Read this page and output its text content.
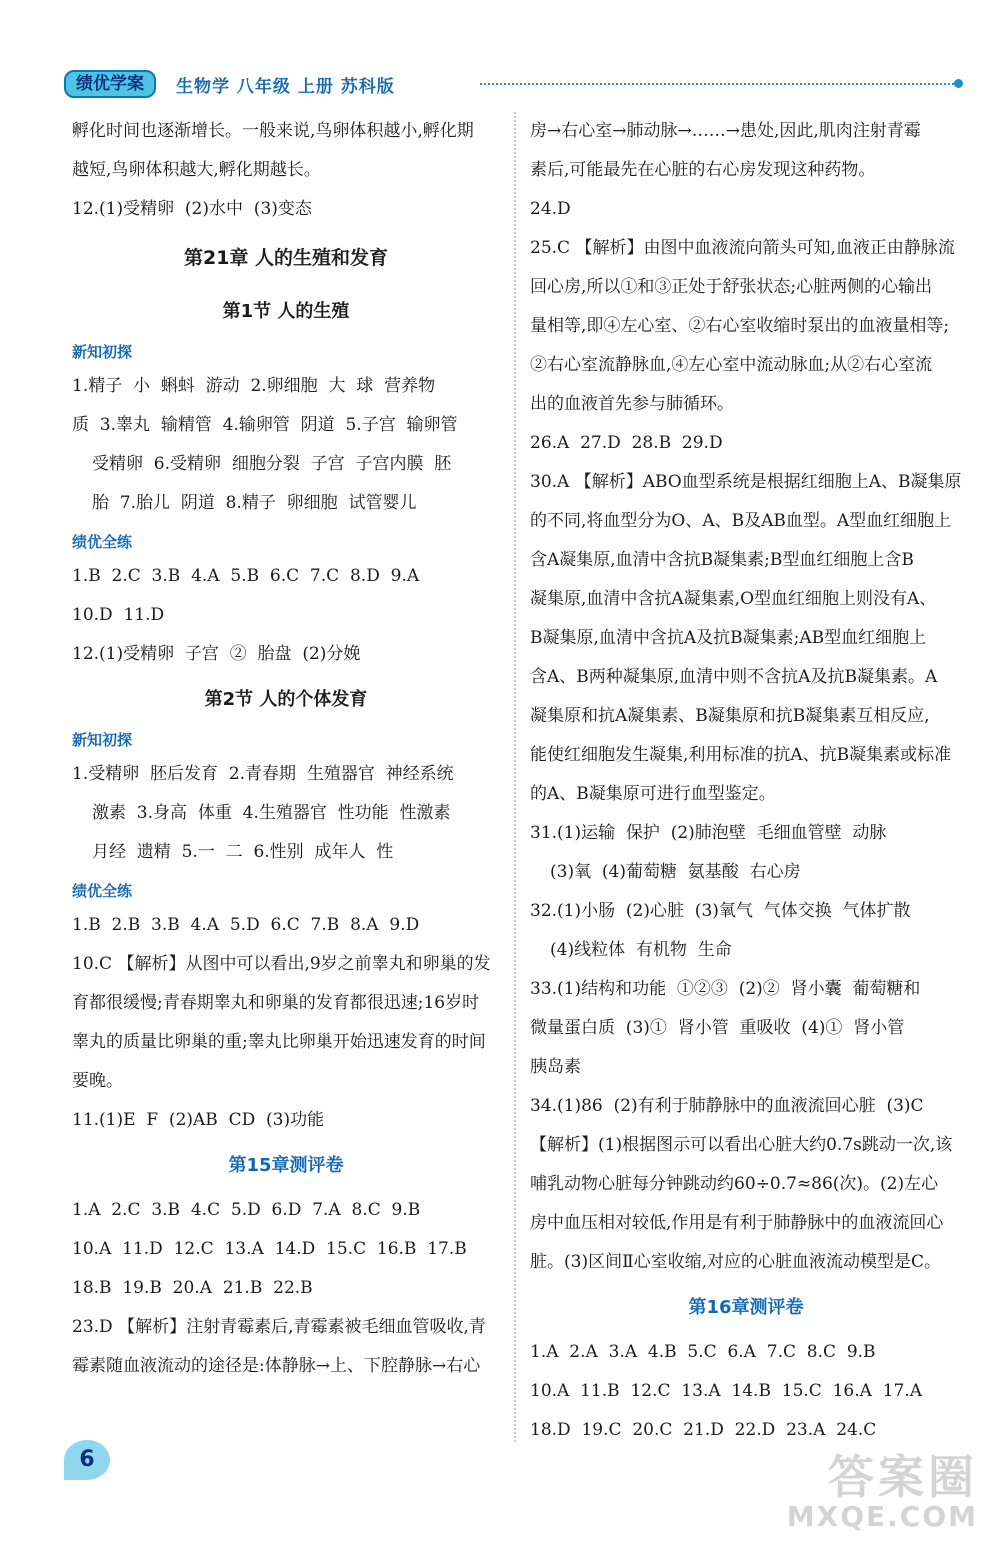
绩优学案	生物学 八年级 上册 苏科版
孵化时间也逐渐增长。一般来说,鸟卵体积越小,孵化期
越短,鸟卵体积越大,孵化期越长。
12.(1)受精卵  (2)水中  (3)变态
第21章 人的生殖和发育
第1节 人的生殖
新知初探
1.精子  小  蝌蚪  游动  2.卵细胞  大  球  营养物
质  3.睾丸  输精管  4.输卵管  阴道  5.子宫  输卵管
受精卵  6.受精卵  细胞分裂  子宫  子宫内膜  胚
胎  7.胎儿  阴道  8.精子  卵细胞  试管婴儿
绩优全练
1.B  2.C  3.B  4.A  5.B  6.C  7.C  8.D  9.A
10.D  11.D
12.(1)受精卵  子宫  ②  胎盘  (2)分娩
第2节 人的个体发育
新知初探
1.受精卵  胚后发育  2.青春期  生殖器官  神经系统
激素  3.身高  体重  4.生殖器官  性功能  性激素
月经  遗精  5.一  二  6.性别  成年人  性
绩优全练
1.B  2.B  3.B  4.A  5.D  6.C  7.B  8.A  9.D
10.C 【解析】从图中可以看出,9岁之前睾丸和卵巢的发
育都很缓慢;青春期睾丸和卵巢的发育都很迅速;16岁时
睾丸的质量比卵巢的重;睾丸比卵巢开始迅速发育的时间
要晚。
11.(1)E  F  (2)AB  CD  (3)功能
第15章测评卷
1.A  2.C  3.B  4.C  5.D  6.D  7.A  8.C  9.B
10.A  11.D  12.C  13.A  14.D  15.C  16.B  17.B
18.B  19.B  20.A  21.B  22.B
23.D 【解析】注射青霉素后,青霉素被毛细血管吸收,青
霉素随血液流动的途径是:体静脉→上、下腔静脉→右心
房→右心室→肺动脉→……→患处,因此,肌肉注射青霉
素后,可能最先在心脏的右心房发现这种药物。
24.D
25.C 【解析】由图中血液流向箭头可知,血液正由静脉流
回心房,所以①和③正处于舒张状态;心脏两侧的心输出
量相等,即④左心室、②右心室收缩时泵出的血液量相等;
②右心室流静脉血,④左心室中流动脉血;从②右心室流
出的血液首先参与肺循环。
26.A  27.D  28.B  29.D
30.A 【解析】ABO血型系统是根据红细胞上A、B凝集原
的不同,将血型分为O、A、B及AB血型。A型血红细胞上
含A凝集原,血清中含抗B凝集素;B型血红细胞上含B
凝集原,血清中含抗A凝集素,O型血红细胞上则没有A、
B凝集原,血清中含抗A及抗B凝集素;AB型血红细胞上
含A、B两种凝集原,血清中则不含抗A及抗B凝集素。A
凝集原和抗A凝集素、B凝集原和抗B凝集素互相反应,
能使红细胞发生凝集,利用标准的抗A、抗B凝集素或标准
的A、B凝集原可进行血型鉴定。
31.(1)运输  保护  (2)肺泡壁  毛细血管壁  动脉
(3)氧  (4)葡萄糖  氨基酸  右心房
32.(1)小肠  (2)心脏  (3)氧气  气体交换  气体扩散
(4)线粒体  有机物  生命
33.(1)结构和功能  ①②③  (2)②  肾小囊  葡萄糖和
微量蛋白质  (3)①  肾小管  重吸收  (4)①  肾小管
胰岛素
34.(1)86  (2)有利于肺静脉中的血液流回心脏  (3)C
【解析】(1)根据图示可以看出心脏大约0.7s跳动一次,该
哺乳动物心脏每分钟跳动约60÷0.7≈86(次)。(2)左心
房中血压相对较低,作用是有利于肺静脉中的血液流回心
脏。(3)区间Ⅱ心室收缩,对应的心脏血液流动模型是C。
第16章测评卷
1.A  2.A  3.A  4.B  5.C  6.A  7.C  8.C  9.B
10.A  11.B  12.C  13.A  14.B  15.C  16.A  17.A
18.D  19.C  20.C  21.D  22.D  23.A  24.C
6	答案圈
MXQE.COM
